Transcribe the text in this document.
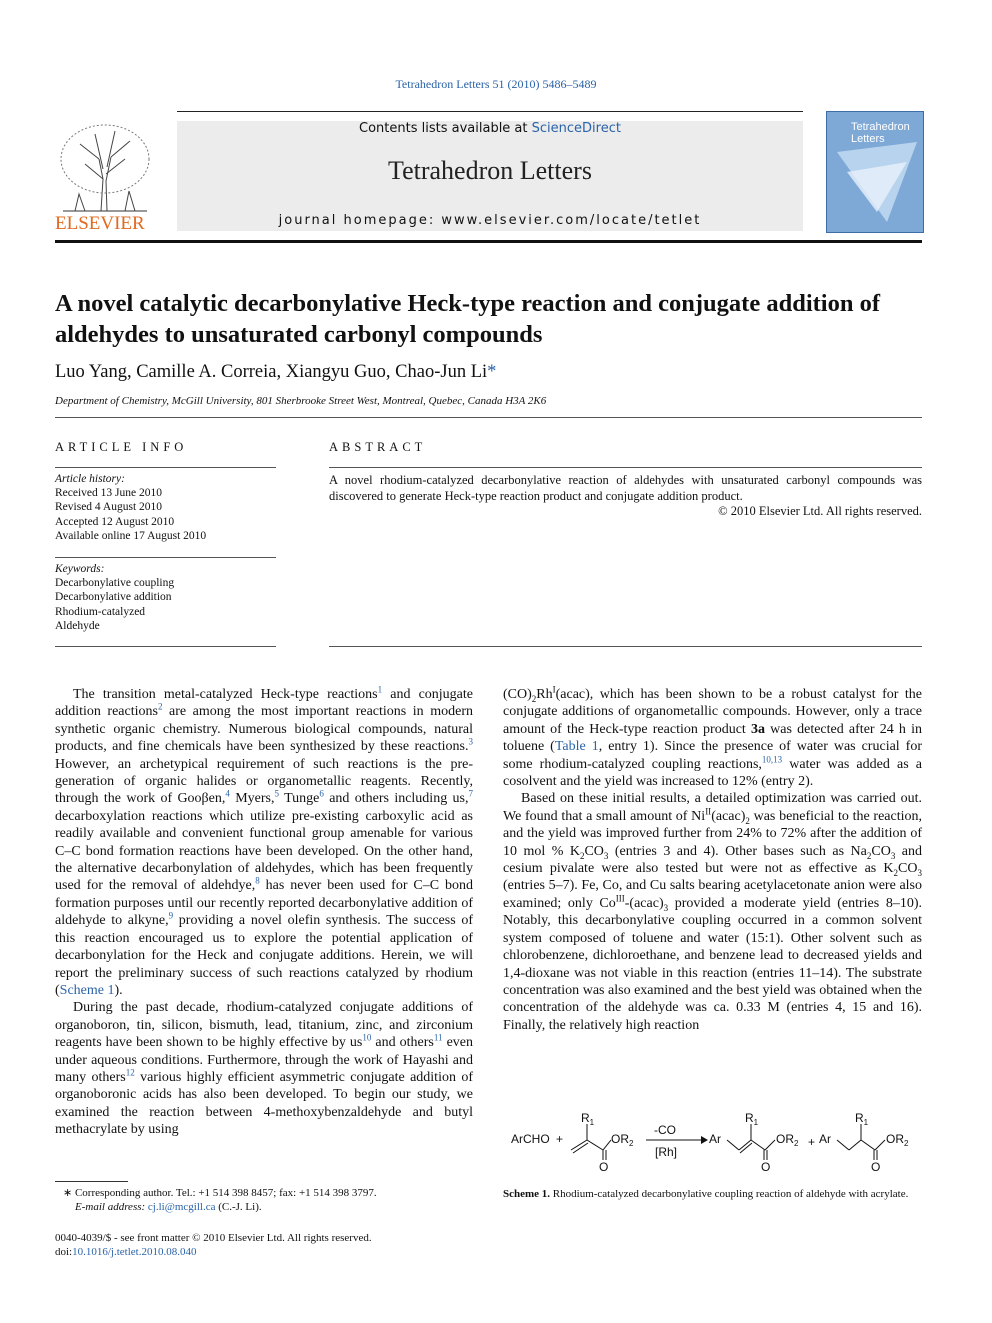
Tetrahedron Letters 51 (2010) 5486–5489
Contents lists available at ScienceDirect
Tetrahedron Letters
journal homepage: www.elsevier.com/locate/tetlet
ELSEVIER
Tetrahedron
Letters
A novel catalytic decarbonylative Heck-type reaction and conjugate addition of aldehydes to unsaturated carbonyl compounds
Luo Yang, Camille A. Correia, Xiangyu Guo, Chao-Jun Li*
Department of Chemistry, McGill University, 801 Sherbrooke Street West, Montreal, Quebec, Canada H3A 2K6
ARTICLE INFO
Article history:
Received 13 June 2010
Revised 4 August 2010
Accepted 12 August 2010
Available online 17 August 2010
Keywords:
Decarbonylative coupling
Decarbonylative addition
Rhodium-catalyzed
Aldehyde
ABSTRACT
A novel rhodium-catalyzed decarbonylative reaction of aldehydes with unsaturated carbonyl compounds was discovered to generate Heck-type reaction product and conjugate addition product.
© 2010 Elsevier Ltd. All rights reserved.

The transition metal-catalyzed Heck-type reactions$^1$ and conjugate addition reactions$^2$ are among the most important reactions in modern synthetic organic chemistry. Numerous biological compounds, natural products, and fine chemicals have been synthesized by these reactions.$^3$ However, an archetypical requirement of such reactions is the pre-generation of organic halides or organometallic reagents. Recently, through the work of Gooβen,$^4$ Myers,$^5$ Tunge$^6$ and others including us,$^7$ decarboxylation reactions which utilize pre-existing carboxylic acid as readily available and convenient functional group amenable for various C–C bond formation reactions have been developed. On the other hand, the alternative decarbonylation of aldehydes, which has been frequently used for the removal of aldehdye,$^8$ has never been used for C–C bond formation purposes until our recently reported decarbonylative addition of aldehyde to alkyne,$^9$ providing a novel olefin synthesis. The success of this reaction encouraged us to explore the potential application of decarbonylation for the Heck and conjugate additions. Herein, we will report the preliminary success of such reactions catalyzed by rhodium (Scheme 1).

During the past decade, rhodium-catalyzed conjugate additions of organoboron, tin, silicon, bismuth, lead, titanium, zinc, and zirconium reagents have been shown to be highly effective by $us^{10}$ and others$^{11}$ even under aqueous conditions. Furthermore, through the work of Hayashi and many others$^{12}$ various highly efficient asymmetric conjugate addition of organoboronic acids has also been developed. To begin our study, we examined the reaction between 4-methoxybenzaldehyde and butyl methacrylate by using

$(CO)_2Rh^I(acac)$, which has been shown to be a robust catalyst for the conjugate additions of organometallic compounds. However, only a trace amount of the Heck-type reaction product 3a was detected after 24 h in toluene (Table 1, entry 1). Since the presence of water was crucial for some rhodium-catalyzed coupling reactions,$^{10,13}$ water was added as a cosolvent and the yield was increased to 12% (entry 2).

Based on these initial results, a detailed optimization was carried out. We found that a small amount of $Ni^{II}(acac)_2$ was beneficial to the reaction, and the yield was improved further from 24% to 72% after the addition of 10 mol % $K_2CO_3$ (entries 3 and 4). Other bases such as $Na_2CO_3$ and cesium pivalate were also tested but were not as effective as $K_2CO_3$ (entries 5–7). Fe, Co, and Cu salts bearing acetylacetonate anion were also examined; only $Co^{III}-(acac)_3$ provided a moderate yield (entries 8–10). Notably, this decarbonylative coupling occurred in a common solvent system composed of toluene and water (15:1). Other solvent such as chlorobenzene, dichloroethane, and benzene lead to decreased yields and 1,4-dioxane was not viable in this reaction (entries 11–14). The substrate concentration was also examined and the best yield was obtained when the concentration of the aldehyde was ca. 0.33 M (entries 4, 15 and 16). Finally, the relatively high reaction

ArCHO +
$R_1$
$OR_2$
O
-CO
[Rh]
Ar
$R_1$
$OR_2$
O
+ Ar
$R_1$
$OR_2$
O
Scheme 1. Rhodium-catalyzed decarbonylative coupling reaction of aldehyde with acrylate.
∗ Corresponding author. Tel.: +1 514 398 8457; fax: +1 514 398 3797.
E-mail address: cj.li@mcgill.ca (C.-J. Li).
0040-4039/$ - see front matter © 2010 Elsevier Ltd. All rights reserved.
doi:10.1016/j.tetlet.2010.08.040
